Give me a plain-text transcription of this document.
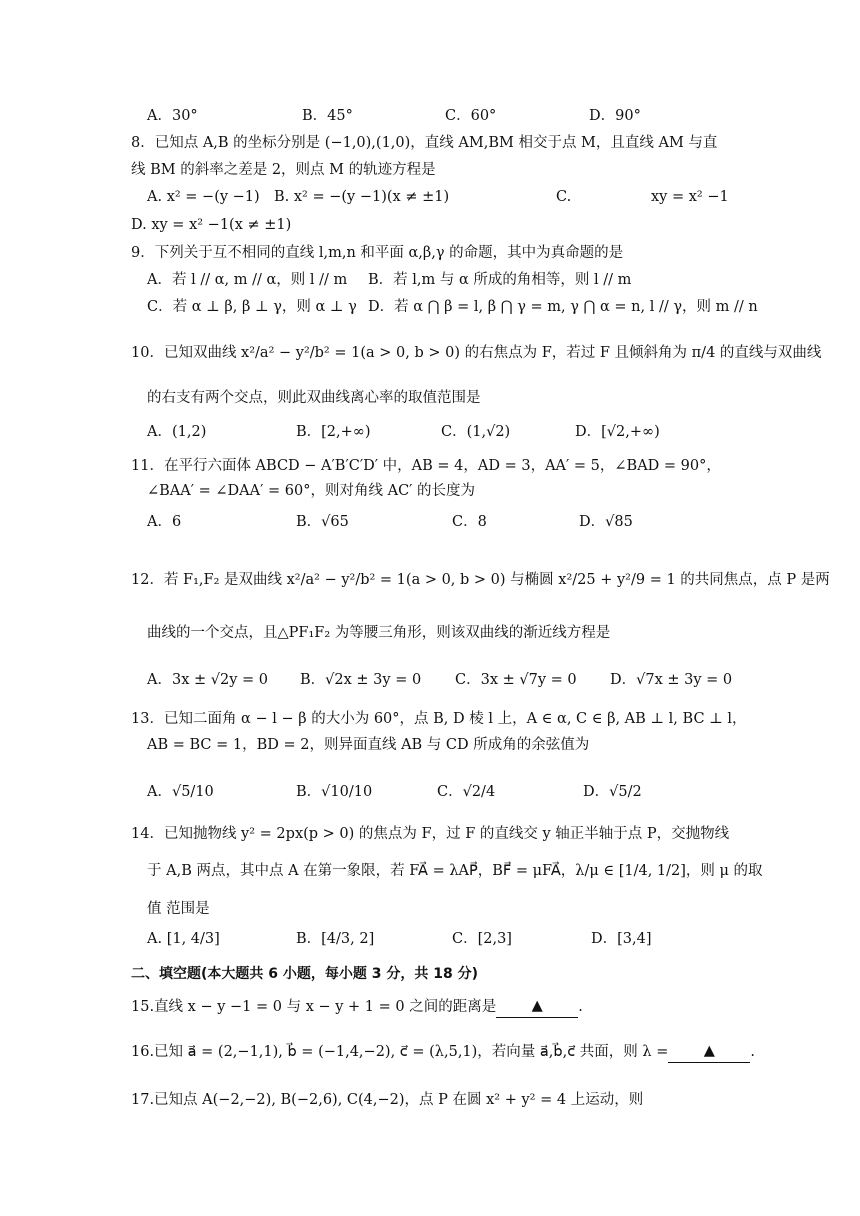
A．30°	B．45°	C．60°	D．90°
8．已知点 A,B 的坐标分别是 (−1,0),(1,0)，直线 AM,BM 相交于点 M，且直线 AM 与直
线 BM 的斜率之差是 2，则点 M 的轨迹方程是
A. x² = −(y −1) B. x² = −(y −1)(x ≠ ±1)	C.	xy = x² −1
D. xy = x² −1(x ≠ ±1)
9．下列关于互不相同的直线 l,m,n 和平面 α,β,γ 的命题，其中为真命题的是
A．若 l // α, m // α，则 l // m B．若 l,m 与 α 所成的角相等，则 l // m
C．若 α ⊥ β, β ⊥ γ，则 α ⊥ γ D．若 α ⋂ β = l, β ⋂ γ = m, γ ⋂ α = n, l // γ，则 m // n
10．已知双曲线 x²/a² − y²/b² = 1(a > 0, b > 0) 的右焦点为 F，若过 F 且倾斜角为 π/4 的直线与双曲线
的右支有两个交点，则此双曲线离心率的取值范围是
A．(1,2)	B．[2,+∞)	C．(1,√2)	D．[√2,+∞)
11．在平行六面体 ABCD − A′B′C′D′ 中，AB = 4，AD = 3，AA′ = 5，∠BAD = 90°，
∠BAA′ = ∠DAA′ = 60°，则对角线 AC′ 的长度为
A．6	B．√65	C．8	D．√85
12．若 F₁,F₂ 是双曲线 x²/a² − y²/b² = 1(a > 0, b > 0) 与椭圆 x²/25 + y²/9 = 1 的共同焦点，点 P 是两
曲线的一个交点，且△PF₁F₂ 为等腰三角形，则该双曲线的渐近线方程是
A．3x ± √2y = 0 B．√2x ± 3y = 0 C．3x ± √7y = 0 D．√7x ± 3y = 0
13．已知二面角 α − l − β 的大小为 60°，点 B, D 棱 l 上，A ∈ α, C ∈ β, AB ⊥ l, BC ⊥ l，
AB = BC = 1，BD = 2，则异面直线 AB 与 CD 所成角的余弦值为
A．√5/10	B．√10/10	C．√2/4	D．√5/2
14．已知抛物线 y² = 2px(p > 0) 的焦点为 F，过 F 的直线交 y 轴正半轴于点 P，交抛物线
于 A,B 两点，其中点 A 在第一象限，若 FA⃗ = λAP⃗，BF⃗ = μFA⃗，λ/μ ∈ [1/4, 1/2]，则 μ 的取
值 范围是
A. [1, 4/3]	B．[4/3, 2]	C．[2,3]	D．[3,4]
二、填空题(本大题共 6 小题，每小题 3 分，共 18 分)
15.直线 x − y −1 = 0 与 x − y + 1 = 0 之间的距离是 ▲ .
16.已知 a⃗ = (2,−1,1), b⃗ = (−1,4,−2), c⃗ = (λ,5,1)，若向量 a⃗,b⃗,c⃗ 共面，则 λ = ▲ .
17.已知点 A(−2,−2), B(−2,6), C(4,−2)，点 P 在圆 x² + y² = 4 上运动，则
